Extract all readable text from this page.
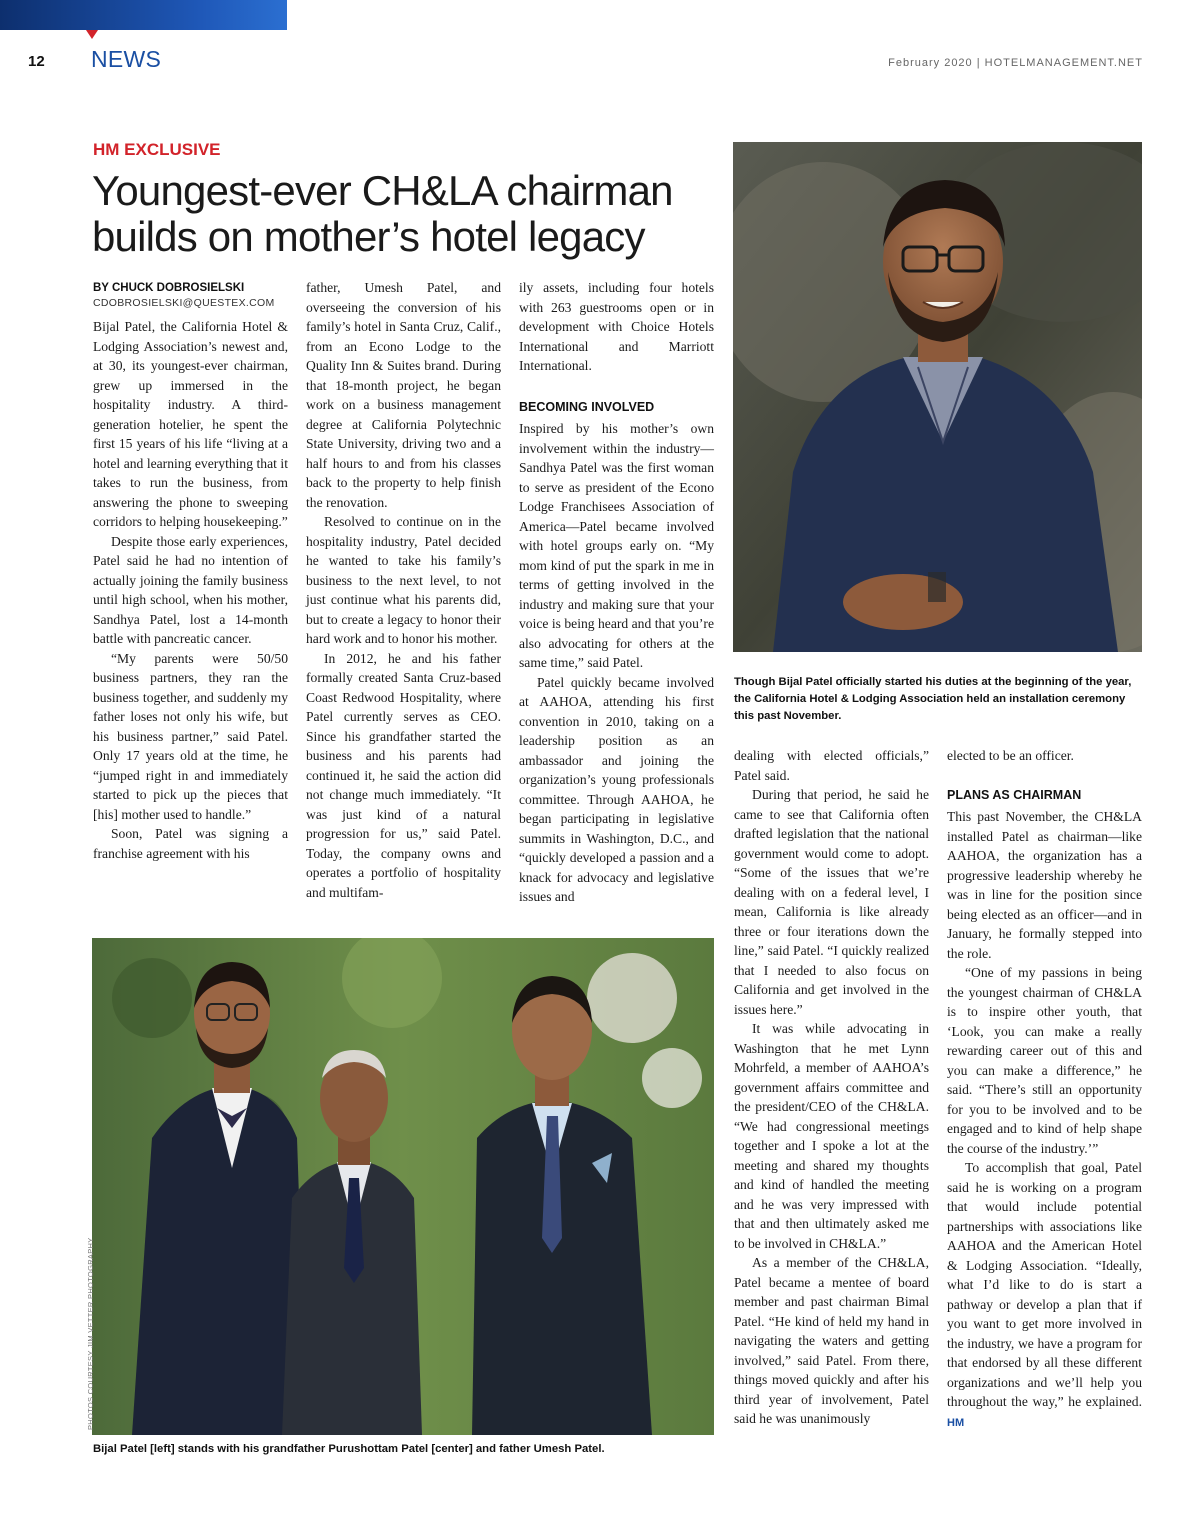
12 NEWS	February 2020 | HOTELMANAGEMENT.NET
HM EXCLUSIVE
Youngest-ever CH&LA chairman builds on mother’s hotel legacy
BY CHUCK DOBROSIELSKI
CDOBROSIELSKI@QUESTEX.COM

Bijal Patel, the California Hotel & Lodging Association’s newest and, at 30, its youngest-ever chairman, grew up immersed in the hospitality industry. A third-generation hotelier, he spent the first 15 years of his life “living at a hotel and learning everything that it takes to run the business, from answering the phone to sweeping corridors to helping housekeeping.”

Despite those early experiences, Patel said he had no intention of actually joining the family business until high school, when his mother, Sandhya Patel, lost a 14-month battle with pancreatic cancer.

“My parents were 50/50 business partners, they ran the business together, and suddenly my father loses not only his wife, but his business partner,” said Patel. Only 17 years old at the time, he “jumped right in and immediately started to pick up the pieces that [his] mother used to handle.”

Soon, Patel was signing a franchise agreement with his

father, Umesh Patel, and overseeing the conversion of his family’s hotel in Santa Cruz, Calif., from an Econo Lodge to the Quality Inn & Suites brand. During that 18-month project, he began work on a business management degree at California Polytechnic State University, driving two and a half hours to and from his classes back to the property to help finish the renovation.

Resolved to continue on in the hospitality industry, Patel decided he wanted to take his family’s business to the next level, to not just continue what his parents did, but to create a legacy to honor their hard work and to honor his mother.

In 2012, he and his father formally created Santa Cruz-based Coast Redwood Hospitality, where Patel currently serves as CEO. Since his grandfather started the business and his parents had continued it, he said the action did not change much immediately. “It was just kind of a natural progression for us,” said Patel. Today, the company owns and operates a portfolio of hospitality and multifam-

ily assets, including four hotels with 263 guestrooms open or in development with Choice Hotels International and Marriott International.

BECOMING INVOLVED

Inspired by his mother’s own involvement within the industry—Sandhya Patel was the first woman to serve as president of the Econo Lodge Franchisees Association of America—Patel became involved with hotel groups early on. “My mom kind of put the spark in me in terms of getting involved in the industry and making sure that your voice is being heard and that you’re also advocating for others at the same time,” said Patel.

Patel quickly became involved at AAHOA, attending his first convention in 2010, taking on a leadership position as an ambassador and joining the organization’s young professionals committee. Through AAHOA, he began participating in legislative summits in Washington, D.C., and “quickly developed a passion and a knack for advocacy and legislative issues and

Though Bijal Patel officially started his duties at the beginning of the year, the California Hotel & Lodging Association held an installation ceremony this past November.

dealing with elected officials,” Patel said.

During that period, he said he came to see that California often drafted legislation that the national government would come to adopt. “Some of the issues that we’re dealing with on a federal level, I mean, California is like already three or four iterations down the line,” said Patel. “I quickly realized that I needed to also focus on California and get involved in the issues here.”

It was while advocating in Washington that he met Lynn Mohrfeld, a member of AAHOA’s government affairs committee and the president/CEO of the CH&LA. “We had congressional meetings together and I spoke a lot at the meeting and shared my thoughts and kind of handled the meeting and he was very impressed with that and then ultimately asked me to be involved in CH&LA.”

As a member of the CH&LA, Patel became a mentee of board member and past chairman Bimal Patel. “He kind of held my hand in navigating the waters and getting involved,” said Patel. From there, things moved quickly and after his third year of involvement, Patel said he was unanimously

elected to be an officer.

PLANS AS CHAIRMAN

This past November, the CH&LA installed Patel as chairman—like AAHOA, the organization has a progressive leadership whereby he was in line for the position since being elected as an officer—and in January, he formally stepped into the role.

“One of my passions in being the youngest chairman of CH&LA is to inspire other youth, that ‘Look, you can make a really rewarding career out of this and you can make a difference,” he said. “There’s still an opportunity for you to be involved and to be engaged and to kind of help shape the course of the industry.’”

To accomplish that goal, Patel said he is working on a program that would include potential partnerships with associations like AAHOA and the American Hotel & Lodging Association. “Ideally, what I’d like to do is start a pathway or develop a plan that if you want to get more involved in the industry, we have a program for that endorsed by all these different organizations and we’ll help you throughout the way,” he explained. HM

Bijal Patel [left] stands with his grandfather Purushottam Patel [center] and father Umesh Patel.
PHOTOS COURTESY JIM VETTER PHOTOGRAPHY
